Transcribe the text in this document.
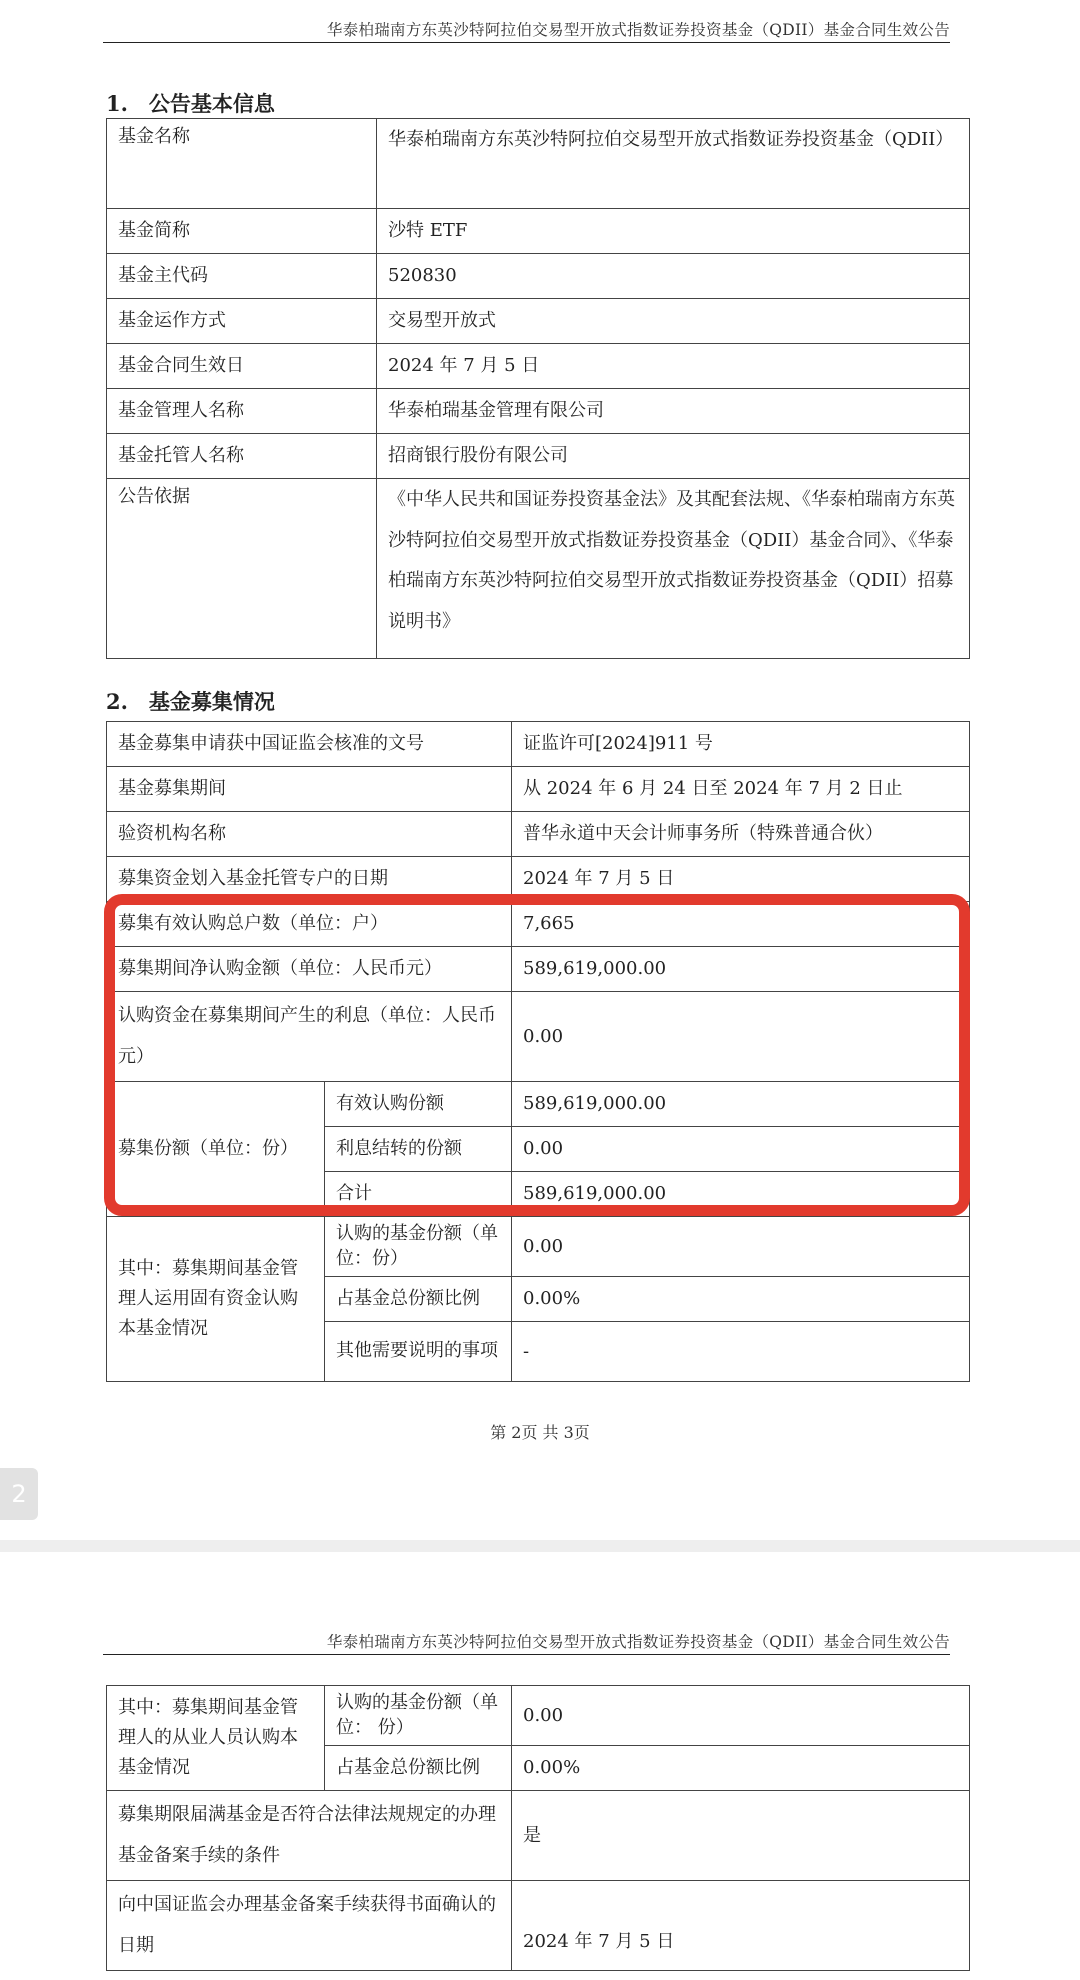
华泰柏瑞南方东英沙特阿拉伯交易型开放式指数证券投资基金（QDII）基金合同生效公告
1.　公告基本信息
基金名称	华泰柏瑞南方东英沙特阿拉伯交易型开放式指数证券投资基金（QDII）
基金简称	沙特 ETF
基金主代码	520830
基金运作方式	交易型开放式
基金合同生效日	2024 年 7 月 5 日
基金管理人名称	华泰柏瑞基金管理有限公司
基金托管人名称	招商银行股份有限公司
公告依据	《中华人民共和国证券投资基金法》及其配套法规、《华泰柏瑞南方东英沙特阿拉伯交易型开放式指数证券投资基金（QDII）基金合同》、《华泰柏瑞南方东英沙特阿拉伯交易型开放式指数证券投资基金（QDII）招募说明书》
2.　基金募集情况
基金募集申请获中国证监会核准的文号		证监许可[2024]911 号
基金募集期间		从 2024 年 6 月 24 日至 2024 年 7 月 2 日止
验资机构名称		普华永道中天会计师事务所（特殊普通合伙）
募集资金划入基金托管专户的日期		2024 年 7 月 5 日
募集有效认购总户数（单位：户）		7,665
募集期间净认购金额（单位：人民币元）		589,619,000.00
认购资金在募集期间产生的利息（单位：人民币元）		0.00
募集份额（单位：份）	有效认购份额	589,619,000.00
	利息结转的份额	0.00
	合计	589,619,000.00
其中：募集期间基金管理人运用固有资金认购本基金情况	认购的基金份额（单位：份）	0.00
	占基金总份额比例	0.00%
	其他需要说明的事项	-
第 2页 共 3页
2
华泰柏瑞南方东英沙特阿拉伯交易型开放式指数证券投资基金（QDII）基金合同生效公告
其中：募集期间基金管理人的从业人员认购本基金情况	认购的基金份额（单位： 份）	0.00
	占基金总份额比例	0.00%
募集期限届满基金是否符合法律法规规定的办理基金备案手续的条件		是
向中国证监会办理基金备案手续获得书面确认的日期		2024 年 7 月 5 日
